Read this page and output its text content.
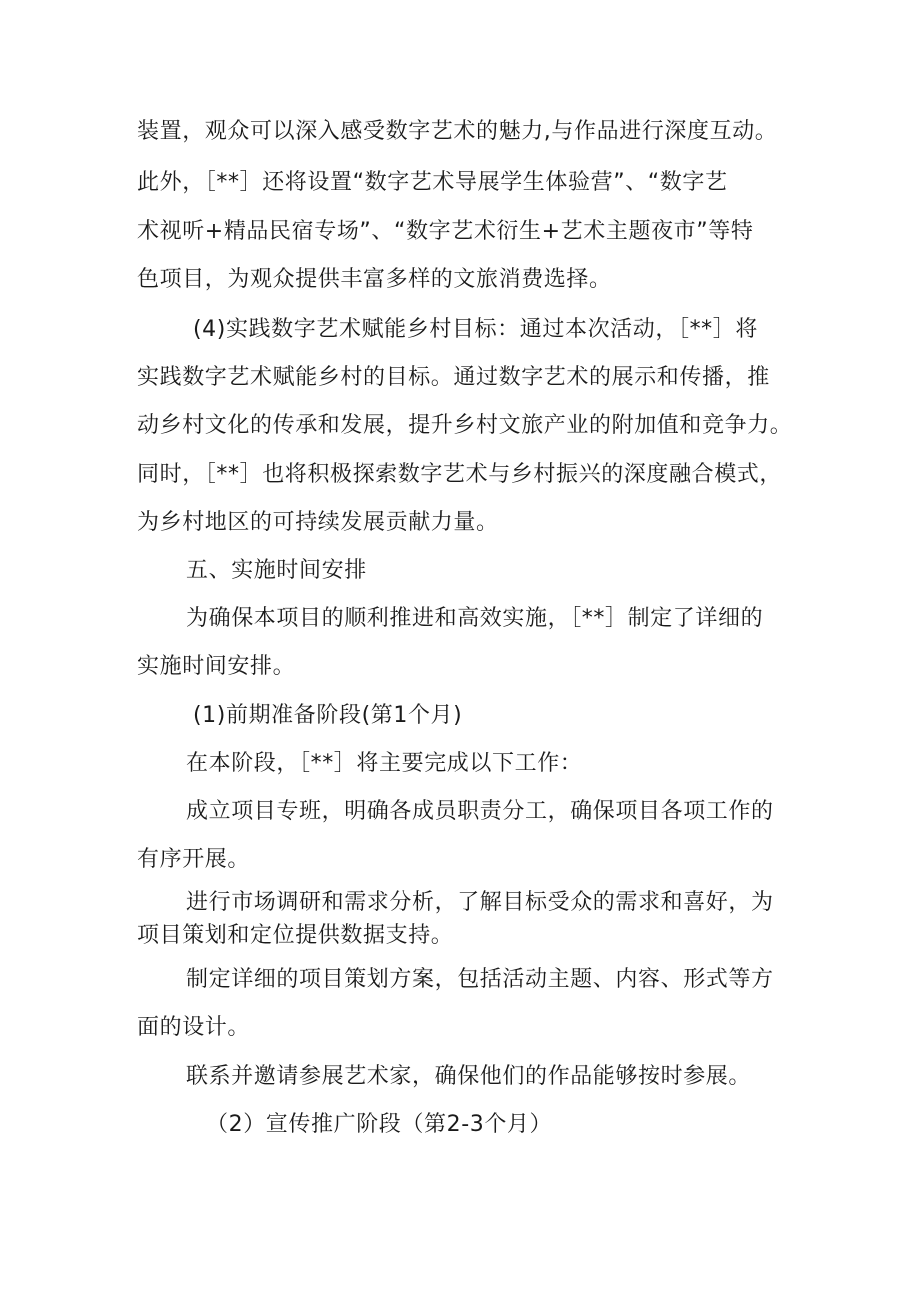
装置，观众可以深入感受数字艺术的魅力,与作品进行深度互动。
此外，［**］还将设置“数字艺术导展学生体验营”、“数字艺
术视听+精品民宿专场”、“数字艺术衍生+艺术主题夜市”等特
色项目，为观众提供丰富多样的文旅消费选择。
(4)实践数字艺术赋能乡村目标：通过本次活动，［**］将
实践数字艺术赋能乡村的目标。通过数字艺术的展示和传播，推
动乡村文化的传承和发展，提升乡村文旅产业的附加值和竞争力。
同时，［**］也将积极探索数字艺术与乡村振兴的深度融合模式，
为乡村地区的可持续发展贡献力量。
五、实施时间安排
为确保本项目的顺利推进和高效实施，［**］制定了详细的
实施时间安排。
(1)前期准备阶段(第1个月)
在本阶段，［**］将主要完成以下工作：
成立项目专班，明确各成员职责分工，确保项目各项工作的
有序开展。
进行市场调研和需求分析，了解目标受众的需求和喜好，为
项目策划和定位提供数据支持。
制定详细的项目策划方案，包括活动主题、内容、形式等方
面的设计。
联系并邀请参展艺术家，确保他们的作品能够按时参展。
（2）宣传推广阶段（第2-3个月）
